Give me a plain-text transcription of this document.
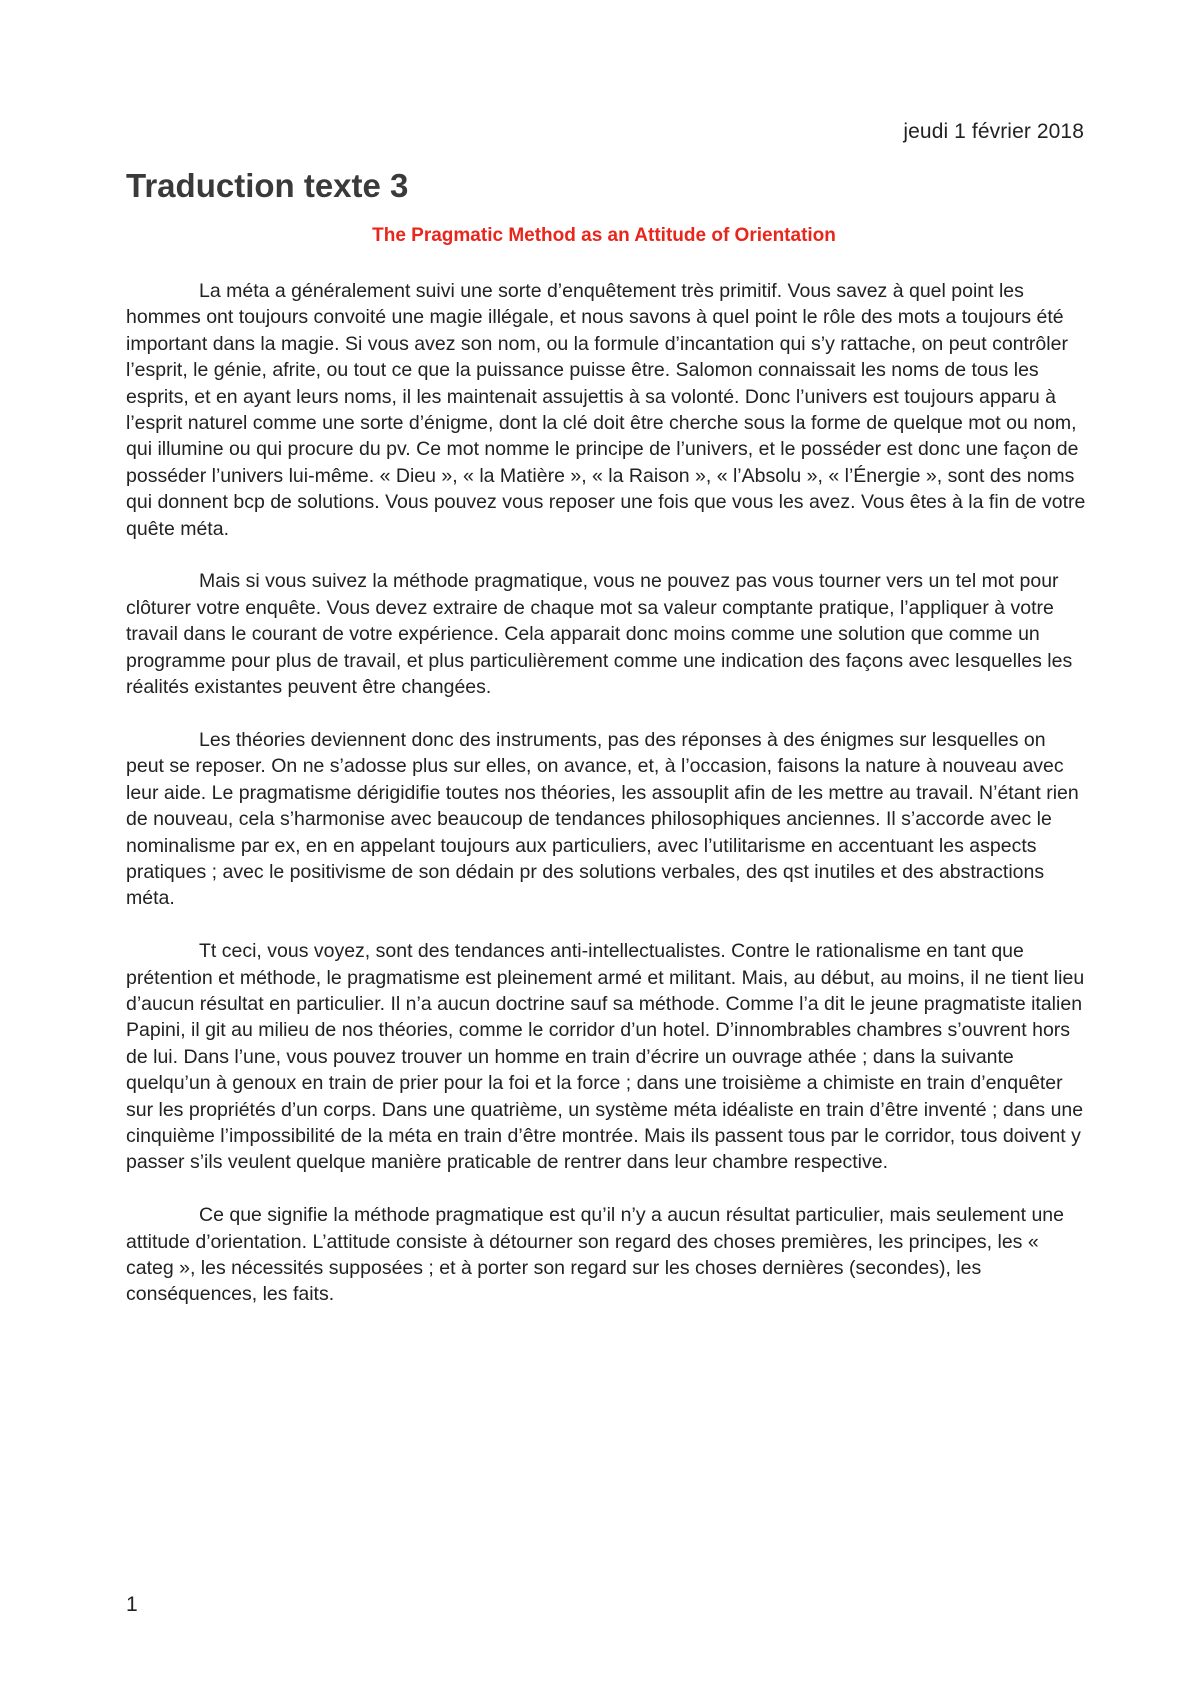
jeudi 1 février 2018
Traduction texte 3
The Pragmatic Method as an Attitude of Orientation

La méta a généralement suivi une sorte d’enquêtement très primitif. Vous savez à quel point les hommes ont toujours convoité une magie illégale, et nous savons à quel point le rôle des mots a toujours été important dans la magie. Si vous avez son nom, ou la formule d’incantation qui s’y rattache, on peut contrôler l’esprit, le génie, afrite, ou tout ce que la puissance puisse être. Salomon connaissait les noms de tous les esprits, et en ayant leurs noms, il les maintenait assujettis à sa volonté. Donc l’univers est toujours apparu à l’esprit naturel comme une sorte d’énigme, dont la clé doit être cherche sous la forme de quelque mot ou nom, qui illumine ou qui procure du pv. Ce mot nomme le principe de l’univers, et le posséder est donc une façon de posséder l’univers lui-même. « Dieu », « la Matière », « la Raison », « l’Absolu », « l’Énergie », sont des noms qui donnent bcp de solutions. Vous pouvez vous reposer une fois que vous les avez. Vous êtes à la fin de votre quête méta.

Mais si vous suivez la méthode pragmatique, vous ne pouvez pas vous tourner vers un tel mot pour clôturer votre enquête. Vous devez extraire de chaque mot sa valeur comptante pratique, l’appliquer à votre travail dans le courant de votre expérience. Cela apparait donc moins comme une solution que comme un programme pour plus de travail, et plus particulièrement comme une indication des façons avec lesquelles les réalités existantes peuvent être changées.

Les théories deviennent donc des instruments, pas des réponses à des énigmes sur lesquelles on peut se reposer. On ne s’adosse plus sur elles, on avance, et, à l’occasion, faisons la nature à nouveau avec leur aide. Le pragmatisme dérigidifie toutes nos théories, les assouplit afin de les mettre au travail. N’étant rien de nouveau, cela s’harmonise avec beaucoup de tendances philosophiques anciennes. Il s’accorde avec le nominalisme par ex, en en appelant toujours aux particuliers, avec l’utilitarisme en accentuant les aspects pratiques ; avec le positivisme de son dédain pr des solutions verbales, des qst inutiles et des abstractions méta.

Tt ceci, vous voyez, sont des tendances anti-intellectualistes. Contre le rationalisme en tant que prétention et méthode, le pragmatisme est pleinement armé et militant. Mais, au début, au moins, il ne tient lieu d’aucun résultat en particulier. Il n’a aucun doctrine sauf sa méthode. Comme l’a dit le jeune pragmatiste italien Papini, il git au milieu de nos théories, comme le corridor d’un hotel. D’innombrables chambres s’ouvrent hors de lui. Dans l’une, vous pouvez trouver un homme en train d’écrire un ouvrage athée ; dans la suivante quelqu’un à genoux en train de prier pour la foi et la force ; dans une troisième a chimiste en train d’enquêter sur les propriétés d’un corps. Dans une quatrième, un système méta idéaliste en train d’être inventé ; dans une cinquième l’impossibilité de la méta en train d’être montrée. Mais ils passent tous par le corridor, tous doivent y passer s’ils veulent quelque manière praticable de rentrer dans leur chambre respective.

Ce que signifie la méthode pragmatique est qu’il n’y a aucun résultat particulier, mais seulement une attitude d’orientation. L’attitude consiste à détourner son regard des choses premières, les principes, les « categ », les nécessités supposées ; et à porter son regard sur les choses dernières (secondes), les conséquences, les faits.

1
